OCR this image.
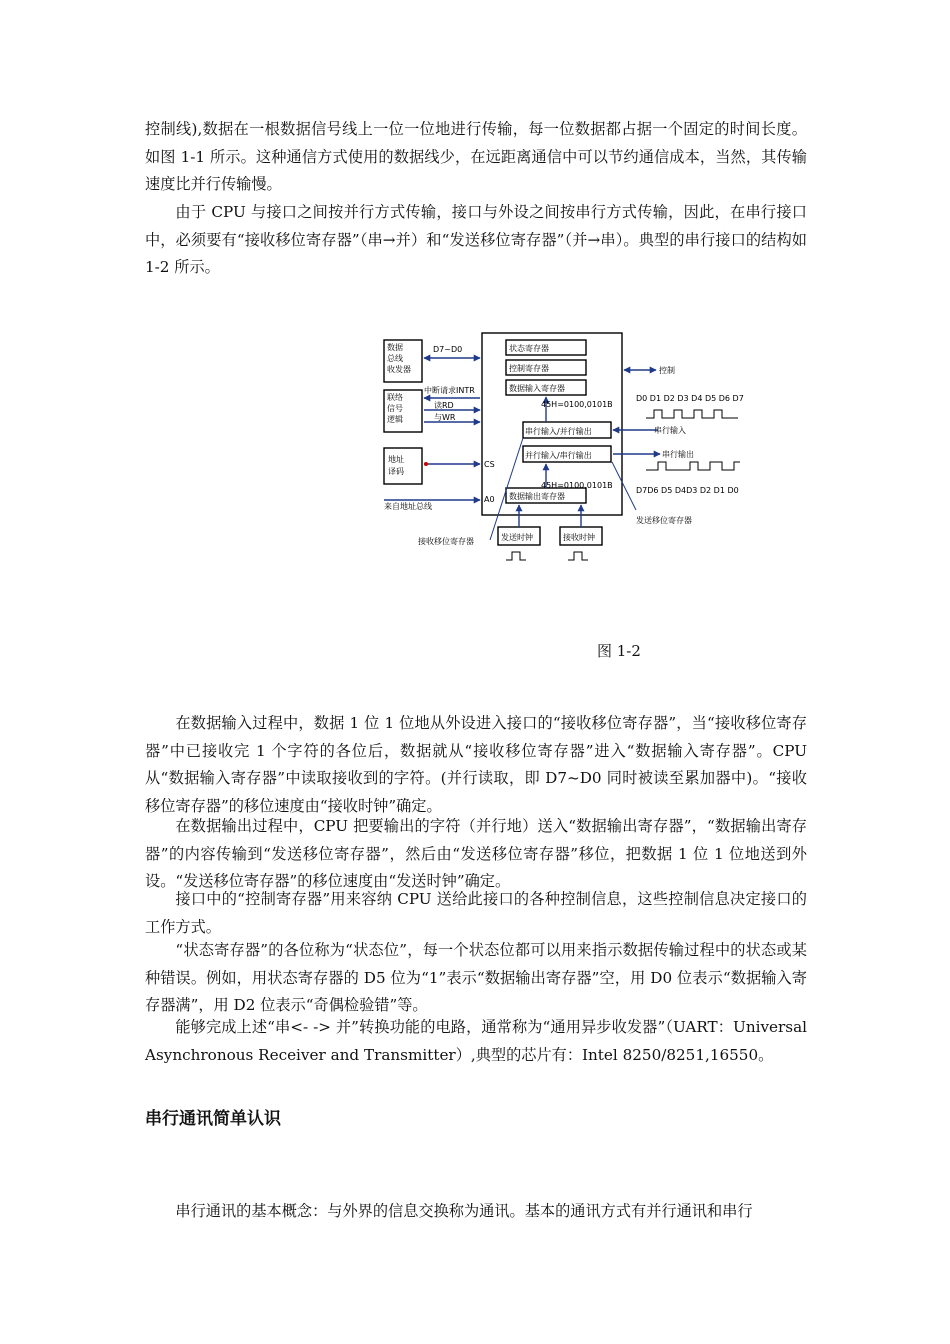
控制线),数据在一根数据信号线上一位一位地进行传输，每一位数据都占据一个固定的时间长度。如图 1-1 所示。这种通信方式使用的数据线少，在远距离通信中可以节约通信成本，当然，其传输速度比并行传输慢。

由于 CPU 与接口之间按并行方式传输，接口与外设之间按串行方式传输，因此，在串行接口中，必须要有“接收移位寄存器”（串→并）和“发送移位寄存器”（并→串）。典型的串行接口的结构如 1-2 所示。

数据总线收发器
联络信号逻辑
地址译码
状态寄存器
控制寄存器
数据输入寄存器
串行输入/并行输出
并行输入/串行输出
数据输出寄存器
发送时钟	接收时钟
D7~D0
中断请求INTR
读RD
与WR
CS
A0
来自地址总线
控制
D0 D1 D2 D3 D4 D5 D6 D7
串行输入
串行输出
D7D6 D5 D4D3 D2 D1 D0
45H=0100,0101B
45H=0100,0101B
接收移位寄存器
发送移位寄存器

图 1-2

在数据输入过程中，数据 1 位 1 位地从外设进入接口的“接收移位寄存器”，当“接收移位寄存器”中已接收完 1 个字符的各位后，数据就从“接收移位寄存器”进入“数据输入寄存器”。CPU 从“数据输入寄存器”中读取接收到的字符。(并行读取，即 D7~D0 同时被读至累加器中)。“接收移位寄存器”的移位速度由“接收时钟”确定。

在数据输出过程中，CPU 把要输出的字符（并行地）送入“数据输出寄存器”，“数据输出寄存器”的内容传输到“发送移位寄存器”，然后由“发送移位寄存器”移位，把数据 1 位 1 位地送到外设。“发送移位寄存器”的移位速度由“发送时钟”确定。

接口中的“控制寄存器”用来容纳 CPU 送给此接口的各种控制信息，这些控制信息决定接口的工作方式。

“状态寄存器”的各位称为“状态位”，每一个状态位都可以用来指示数据传输过程中的状态或某种错误。例如，用状态寄存器的 D5 位为“1”表示“数据输出寄存器”空，用 D0 位表示“数据输入寄存器满”，用 D2 位表示“奇偶检验错”等。

能够完成上述“串<- -> 并”转换功能的电路，通常称为“通用异步收发器”（UART：Universal Asynchronous Receiver and Transmitter）,典型的芯片有：Intel 8250/8251,16550。

串行通讯简单认识

串行通讯的基本概念：与外界的信息交换称为通讯。基本的通讯方式有并行通讯和串行
